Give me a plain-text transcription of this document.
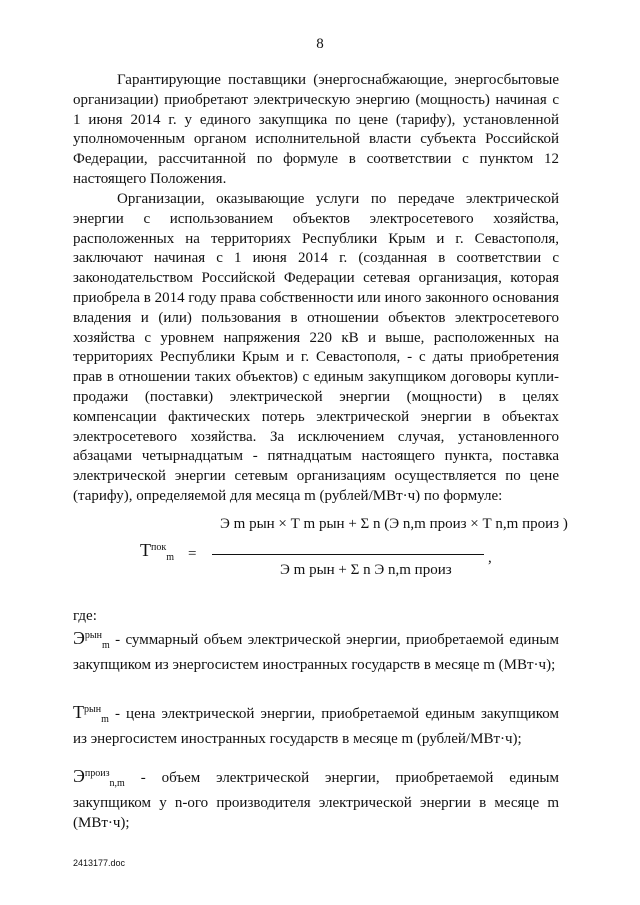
8

Гарантирующие поставщики (энергоснабжающие, энергосбытовые организации) приобретают электрическую энергию (мощность) начиная с 1 июня 2014 г. у единого закупщика по цене (тарифу), установленной уполномоченным органом исполнительной власти субъекта Российской Федерации, рассчитанной по формуле в соответствии с пунктом 12 настоящего Положения.

Организации, оказывающие услуги по передаче электрической энергии с использованием объектов электросетевого хозяйства, расположенных на территориях Республики Крым и г. Севастополя, заключают начиная с 1 июня 2014 г. (созданная в соответствии с законодательством Российской Федерации сетевая организация, которая приобрела в 2014 году права собственности или иного законного основания владения и (или) пользования в отношении объектов электросетевого хозяйства с уровнем напряжения 220 кВ и выше, расположенных на территориях Республики Крым и г. Севастополя, - с даты приобретения прав в отношении таких объектов) с единым закупщиком договоры купли-продажи (поставки) электрической энергии (мощности) в целях компенсации фактических потерь электрической энергии в объектах электросетевого хозяйства. За исключением случая, установленного абзацами четырнадцатым - пятнадцатым настоящего пункта, поставка электрической энергии сетевым организациям осуществляется по цене (тарифу), определяемой для месяца m (рублей/МВт·ч) по формуле:

$Т^{пок}_m$ =
Э m рын × Т m рын + Σ n (Э n,m произ × Т n,m произ )
Э m рын + Σ n Э n,m произ
,
где:

$Э^{рын}_m$ - суммарный объем электрической энергии, приобретаемой единым закупщиком из энергосистем иностранных государств в месяце m (МВт·ч);

$Т^{рын}_m$ - цена электрической энергии, приобретаемой единым закупщиком из энергосистем иностранных государств в месяце m (рублей/МВт·ч);

$Э^{произ}_{n,m}$ - объем электрической энергии, приобретаемой единым закупщиком у n-ого производителя электрической энергии в месяце m (МВт·ч);

2413177.doc
